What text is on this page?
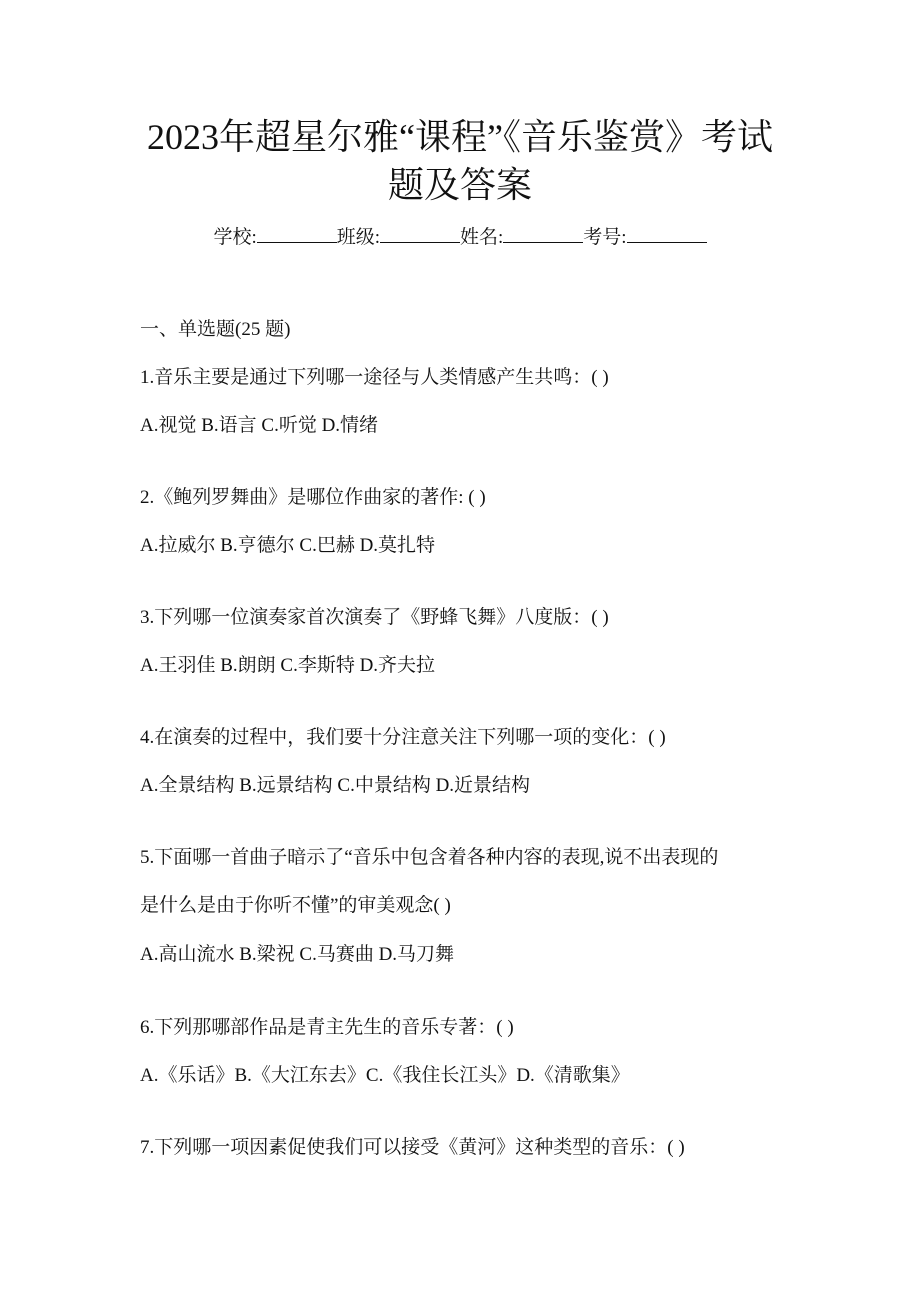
2023年超星尔雅“课程”《音乐鉴赏》考试
题及答案
学校:	班级:	姓名:	考号:
一、单选题(25 题)
1.音乐主要是通过下列哪一途径与人类情感产生共鸣：( )
A.视觉 B.语言 C.听觉 D.情绪
2.《鲍列罗舞曲》是哪位作曲家的著作: ( )
A.拉威尔 B.亨德尔 C.巴赫 D.莫扎特
3.下列哪一位演奏家首次演奏了《野蜂飞舞》八度版：( )
A.王羽佳 B.朗朗 C.李斯特 D.齐夫拉
4.在演奏的过程中，我们要十分注意关注下列哪一项的变化：( )
A.全景结构 B.远景结构 C.中景结构 D.近景结构
5.下面哪一首曲子暗示了“音乐中包含着各种内容的表现,说不出表现的
是什么是由于你听不懂”的审美观念( )
A.高山流水 B.梁祝 C.马赛曲 D.马刀舞
6.下列那哪部作品是青主先生的音乐专著：( )
A.《乐话》B.《大江东去》C.《我住长江头》D.《清歌集》
7.下列哪一项因素促使我们可以接受《黄河》这种类型的音乐：( )
